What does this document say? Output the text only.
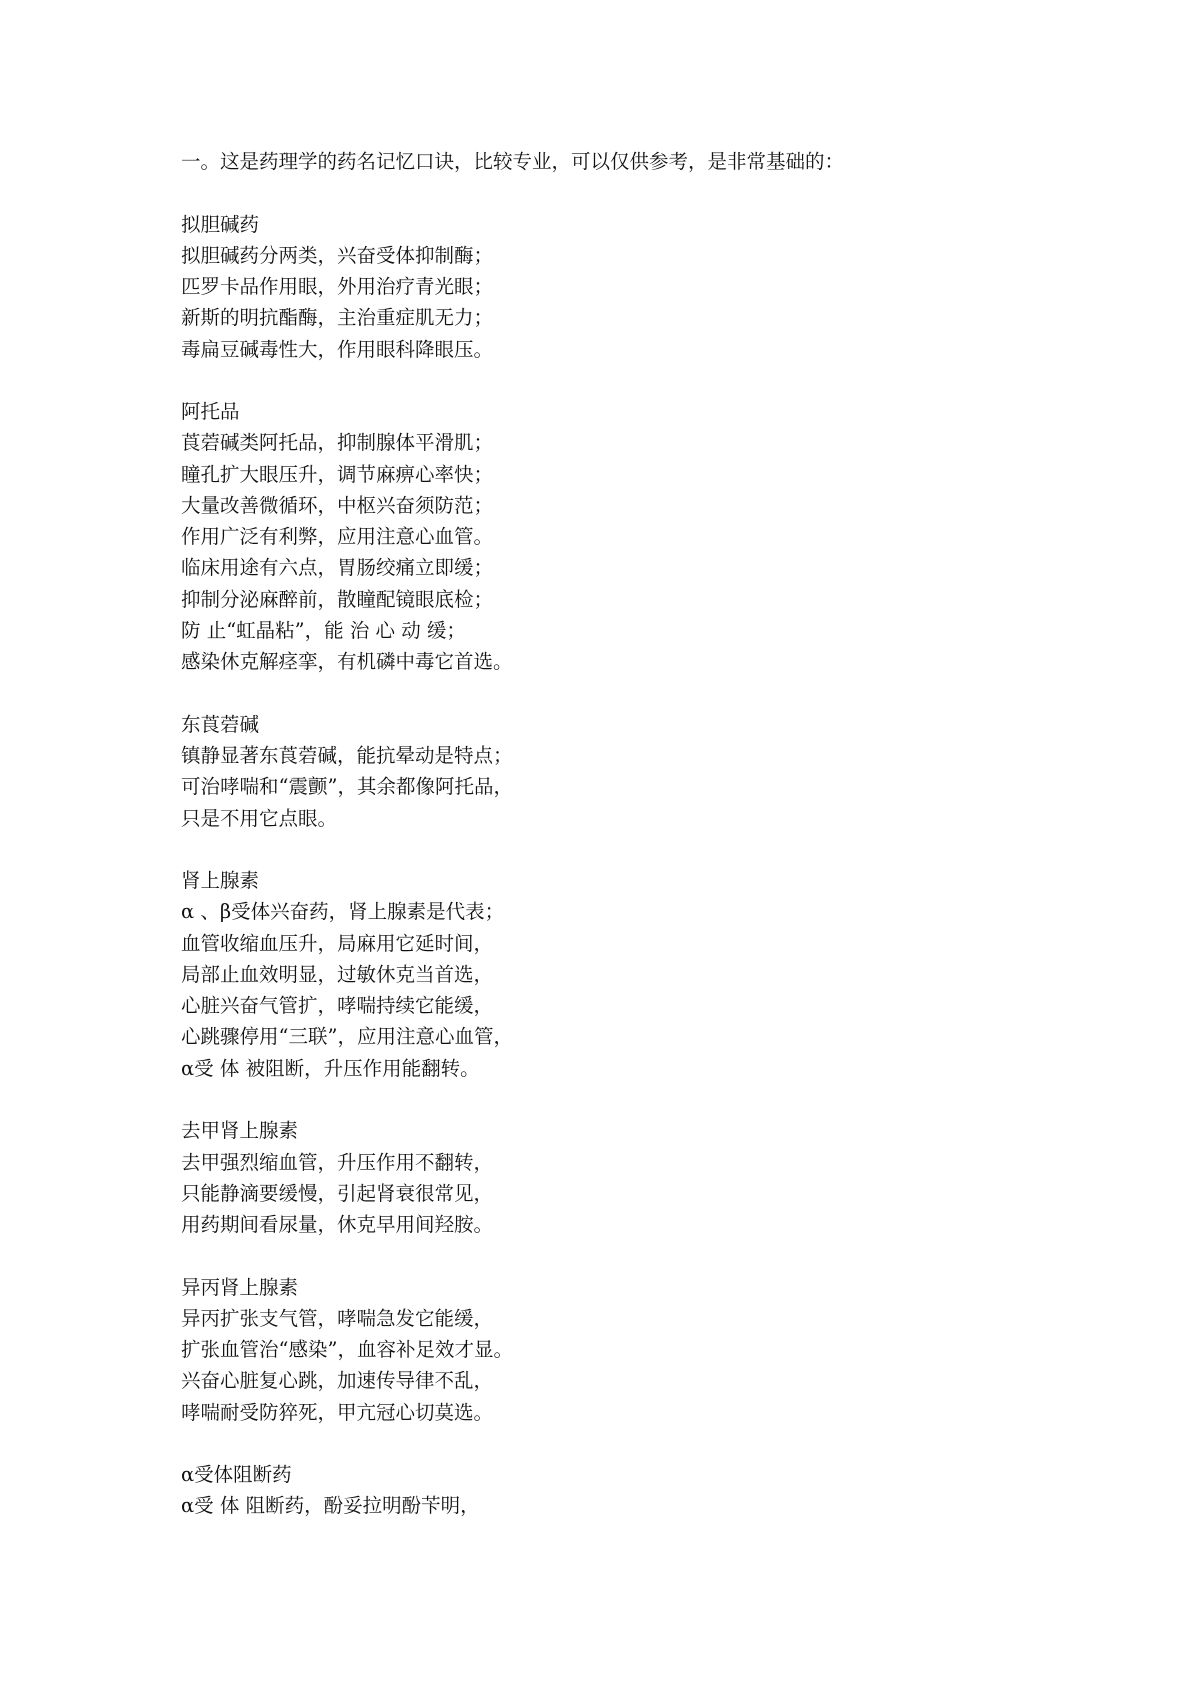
一。这是药理学的药名记忆口诀，比较专业，可以仅供参考，是非常基础的：
拟胆碱药
拟胆碱药分两类，兴奋受体抑制酶；
匹罗卡品作用眼，外用治疗青光眼；
新斯的明抗酯酶，主治重症肌无力；
毒扁豆碱毒性大，作用眼科降眼压。
阿托品
莨菪碱类阿托品，抑制腺体平滑肌；
瞳孔扩大眼压升，调节麻痹心率快；
大量改善微循环，中枢兴奋须防范；
作用广泛有利弊，应用注意心血管。
临床用途有六点，胃肠绞痛立即缓；
抑制分泌麻醉前，散瞳配镜眼底检；
防 止“虹晶粘”，能 治 心 动 缓；
感染休克解痉挛，有机磷中毒它首选。
东莨菪碱
镇静显著东莨菪碱，能抗晕动是特点；
可治哮喘和“震颤”，其余都像阿托品，
只是不用它点眼。
肾上腺素
α 、β受体兴奋药，肾上腺素是代表；
血管收缩血压升，局麻用它延时间，
局部止血效明显，过敏休克当首选，
心脏兴奋气管扩，哮喘持续它能缓，
心跳骤停用“三联”，应用注意心血管，
α受 体 被阻断，升压作用能翻转。
去甲肾上腺素
去甲强烈缩血管，升压作用不翻转，
只能静滴要缓慢，引起肾衰很常见，
用药期间看尿量，休克早用间羟胺。
异丙肾上腺素
异丙扩张支气管，哮喘急发它能缓，
扩张血管治“感染”，血容补足效才显。
兴奋心脏复心跳，加速传导律不乱，
哮喘耐受防猝死，甲亢冠心切莫选。
α受体阻断药
α受 体 阻断药，酚妥拉明酚苄明，
